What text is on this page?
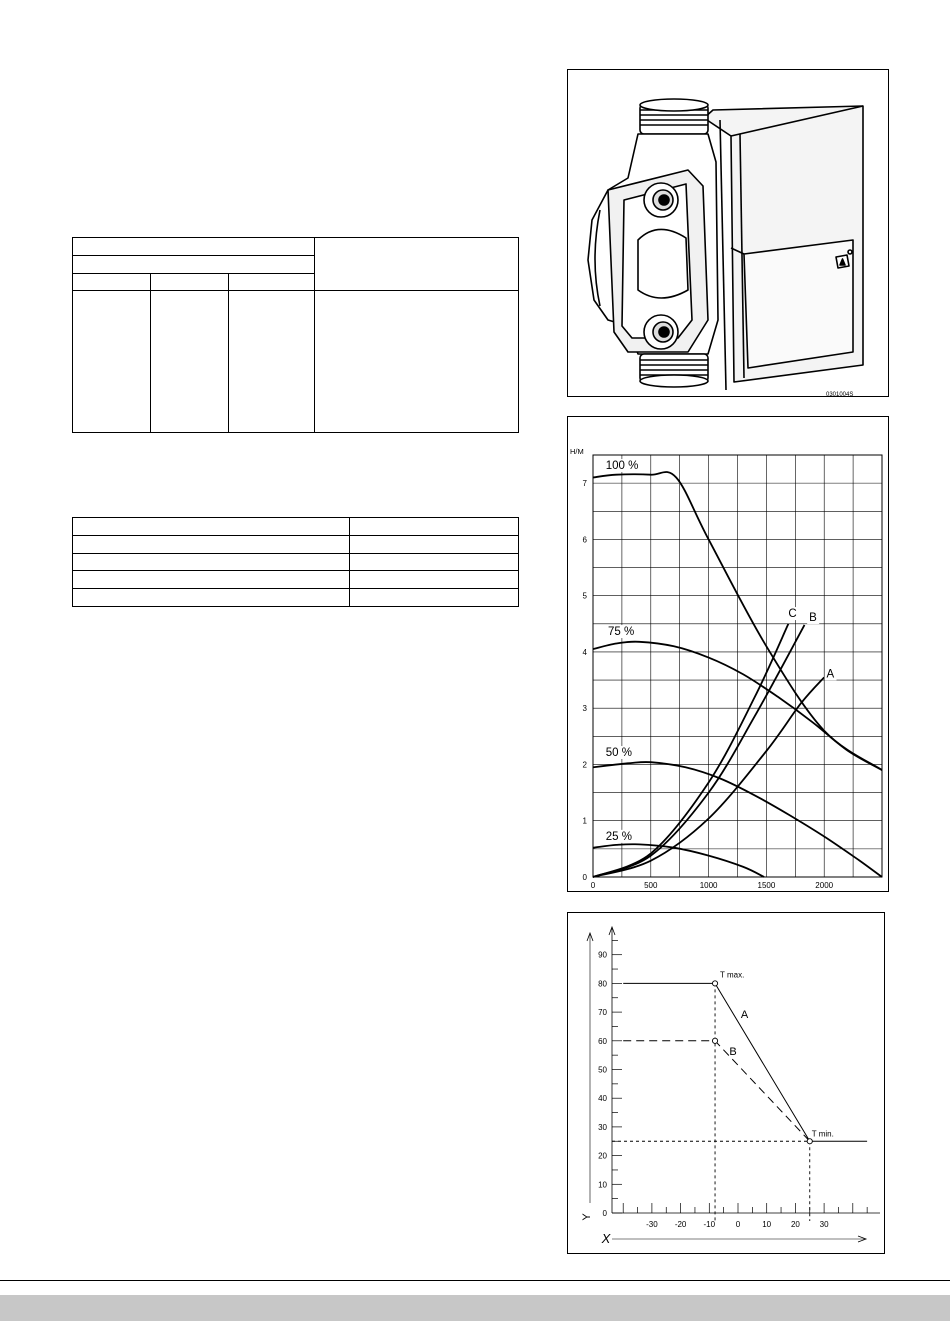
0301004S
H/M
0
1
2
3
4
5
6
7
0	500	1000	1500	2000
100 %
75 %
50 %
25 %
A
B
C
0
10
20
30
40
50
60
70
80
90
-30 -20 -10	0	10 20 30
X
Y
T max.
T min.
A
B
